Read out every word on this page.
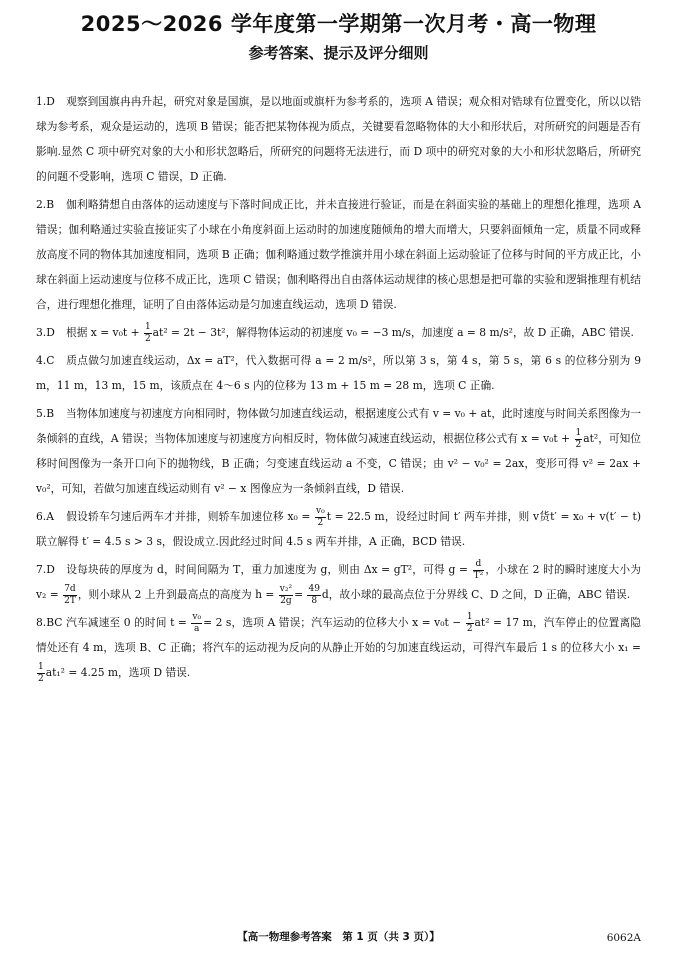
2025～2026 学年度第一学期第一次月考・高一物理
参考答案、提示及评分细则
1.D 观察到国旗冉冉升起，研究对象是国旗，是以地面或旗杆为参考系的，选项 A 错误；观众相对锆球有位置变化，所以以锆球为参考系，观众是运动的，选项 B 错误；能否把某物体视为质点，关键要看忽略物体的大小和形状后，对所研究的问题是否有影响.显然 C 项中研究对象的大小和形状忽略后，所研究的问题将无法进行，而 D 项中的研究对象的大小和形状忽略后，所研究的问题不受影响，选项 C 错误，D 正确.
2.B 伽利略猜想自由落体的运动速度与下落时间成正比，并未直接进行验证，而是在斜面实验的基础上的理想化推理，选项 A 错误；伽利略通过实验直接证实了小球在小角度斜面上运动时的加速度随倾角的增大而增大，只要斜面倾角一定，质量不同或释放高度不同的物体其加速度相同，选项 B 正确；伽利略通过数学推演并用小球在斜面上运动验证了位移与时间的平方成正比，小球在斜面上运动速度与位移不成正比，选项 C 错误；伽利略得出自由落体运动规律的核心思想是把可靠的实验和逻辑推理有机结合，进行理想化推理，证明了自由落体运动是匀加速直线运动，选项 D 错误.
3.D 根据 $x = v_0t + \frac{1}{2} at^2 = 2t - 3t^2$，解得物体运动的初速度 v₀ = −3 m/s，加速度 a = 8 m/s²，故 D 正确，ABC 错误.
4.C 质点做匀加速直线运动，Δx = aT²，代入数据可得 a = 2 m/s²，所以第 3 s，第 4 s，第 5 s，第 6 s 的位移分别为 9 m，11 m，13 m，15 m，该质点在 4～6 s 内的位移为 13 m + 15 m = 28 m，选项 C 正确.
5.B 当物体加速度与初速度方向相同时，物体做匀加速直线运动，根据速度公式有 v = v₀ + at，此时速度与时间关系图像为一条倾斜的直线，A 错误；当物体加速度与初速度方向相反时，物体做匀减速直线运动，根据位移公式有 $x = v_0t + \frac{1}{2} at^2$，可知位移时间图像为一条开口向下的抛物线，B 正确；匀变速直线运动 a 不变，C 错误；由 v² − v₀² = 2ax，变形可得 v² = 2ax + v₀²，可知，若做匀加速直线运动则有 v² − x 图像应为一条倾斜直线，D 错误.
6.A 假设轿车匀速后两车才并排，则轿车加速位移 $x_0 = \frac{\text{v₀}}{2}$ t = 22.5 m，设经过时间 t′ 两车并排，则 v货t′ = x₀ + v(t′ − t) 联立解得 t′ = 4.5 s > 3 s，假设成立.因此经过时间 4.5 s 两车并排，A 正确，BCD 错误.
7.D 设每块砖的厚度为 d，时间间隔为 T，重力加速度为 g，则由 Δx = gT²，可得 $g = \frac{d}{\text{T²}}$ ，小球在 2 时的瞬时速度大小为 $v_2 = \frac{7d}{2T}$ ，则小球从 2 上升到最高点的高度为 $h = \frac{\text{v₂²}}{2g} = \frac{49}{8}$ d，故小球的最高点位于分界线 C、D 之间，D 正确，ABC 错误.
8.BC 汽车减速至 0 的时间 $t = \frac{\text{v₀}}{a} = 2$ s，选项 A 错误；汽车运动的位移大小 $x = v_0t - \frac{1}{2} at^2 = 17$ m，汽车停止的位置离隐情处还有 4 m，选项 B、C 正确；将汽车的运动视为反向的从静止开始的匀加速直线运动，可得汽车最后 1 s 的位移大小 x₁ =
$\frac{1}{2} at_1^2 = 4.25$ m，选项 D 错误.
【高一物理参考答案　第 1 页（共 3 页）】	6062A
